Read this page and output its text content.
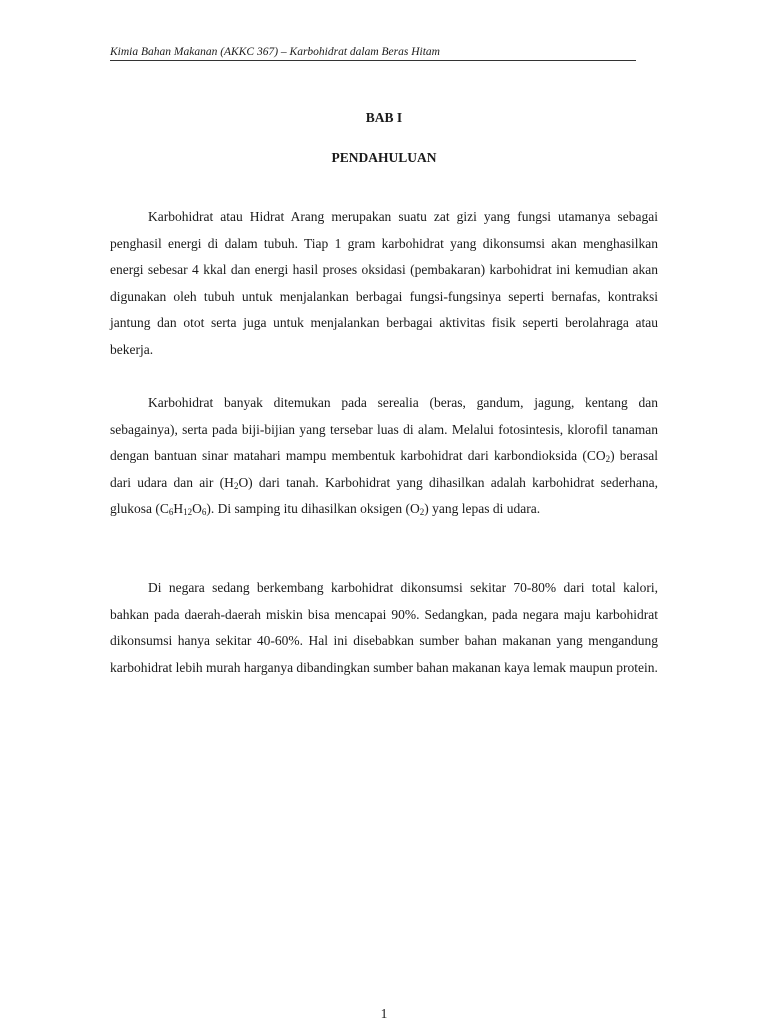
Kimia Bahan Makanan (AKKC 367) – Karbohidrat dalam Beras Hitam
BAB I
PENDAHULUAN

Karbohidrat atau Hidrat Arang merupakan suatu zat gizi yang fungsi utamanya sebagai penghasil energi di dalam tubuh. Tiap 1 gram karbohidrat yang dikonsumsi akan menghasilkan energi sebesar 4 kkal dan energi hasil proses oksidasi (pembakaran) karbohidrat ini kemudian akan digunakan oleh tubuh untuk menjalankan berbagai fungsi-fungsinya seperti bernafas, kontraksi jantung dan otot serta juga untuk menjalankan berbagai aktivitas fisik seperti berolahraga atau bekerja.

Karbohidrat banyak ditemukan pada serealia (beras, gandum, jagung, kentang dan sebagainya), serta pada biji-bijian yang tersebar luas di alam. Melalui fotosintesis, klorofil tanaman dengan bantuan sinar matahari mampu membentuk karbohidrat dari karbondioksida $(CO_2)$ berasal dari udara dan air $(H_2O)$ dari tanah. Karbohidrat yang dihasilkan adalah karbohidrat sederhana, glukosa $(C_6H_{12}O_6)$. Di samping itu dihasilkan oksigen $(O_2)$ yang lepas di udara.

Di negara sedang berkembang karbohidrat dikonsumsi sekitar 70-80% dari total kalori, bahkan pada daerah-daerah miskin bisa mencapai 90%. Sedangkan, pada negara maju karbohidrat dikonsumsi hanya sekitar 40-60%. Hal ini disebabkan sumber bahan makanan yang mengandung karbohidrat lebih murah harganya dibandingkan sumber bahan makanan kaya lemak maupun protein.

1
